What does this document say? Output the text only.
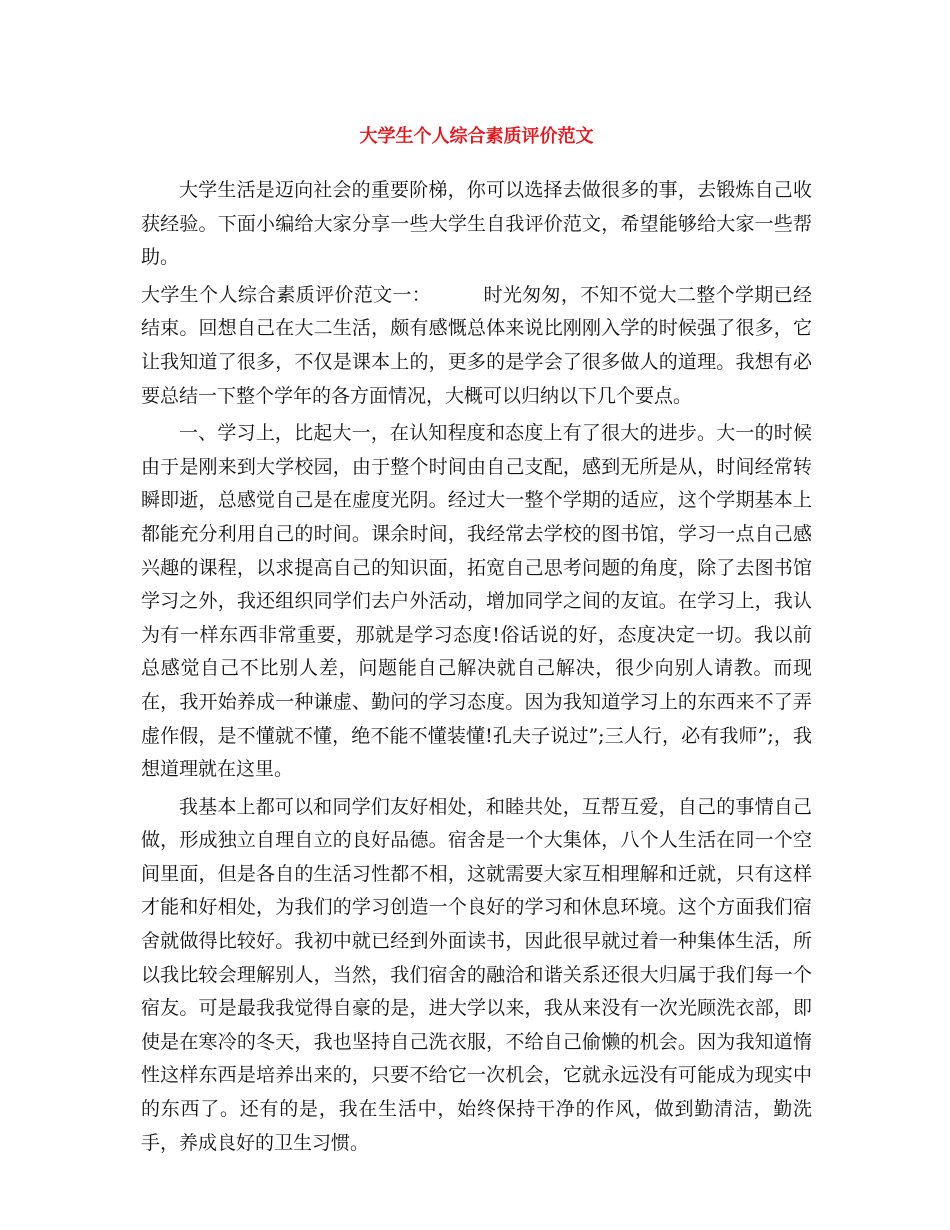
大学生个人综合素质评价范文

大学生活是迈向社会的重要阶梯，你可以选择去做很多的事，去锻炼自己收获经验。下面小编给大家分享一些大学生自我评价范文，希望能够给大家一些帮助。

大学生个人综合素质评价范文一：	时光匆匆，不知不觉大二整个学期已经结束。回想自己在大二生活，颇有感慨总体来说比刚刚入学的时候强了很多，它让我知道了很多，不仅是课本上的，更多的是学会了很多做人的道理。我想有必要总结一下整个学年的各方面情况，大概可以归纳以下几个要点。

一、学习上，比起大一，在认知程度和态度上有了很大的进步。大一的时候由于是刚来到大学校园，由于整个时间由自己支配，感到无所是从，时间经常转瞬即逝，总感觉自己是在虚度光阴。经过大一整个学期的适应，这个学期基本上都能充分利用自己的时间。课余时间，我经常去学校的图书馆，学习一点自己感兴趣的课程，以求提高自己的知识面，拓宽自己思考问题的角度，除了去图书馆学习之外，我还组织同学们去户外活动，增加同学之间的友谊。在学习上，我认为有一样东西非常重要，那就是学习态度!俗话说的好，态度决定一切。我以前总感觉自己不比别人差，问题能自己解决就自己解决，很少向别人请教。而现在，我开始养成一种谦虚、勤问的学习态度。因为我知道学习上的东西来不了弄虚作假，是不懂就不懂，绝不能不懂装懂!孔夫子说过”;三人行，必有我师”;，我想道理就在这里。

我基本上都可以和同学们友好相处，和睦共处，互帮互爱，自己的事情自己做，形成独立自理自立的良好品德。宿舍是一个大集体，八个人生活在同一个空间里面，但是各自的生活习性都不相，这就需要大家互相理解和迁就，只有这样才能和好相处，为我们的学习创造一个良好的学习和休息环境。这个方面我们宿舍就做得比较好。我初中就已经到外面读书，因此很早就过着一种集体生活，所以我比较会理解别人，当然，我们宿舍的融洽和谐关系还很大归属于我们每一个宿友。可是最我我觉得自豪的是，进大学以来，我从来没有一次光顾洗衣部，即使是在寒冷的冬天，我也坚持自己洗衣服，不给自己偷懒的机会。因为我知道惰性这样东西是培养出来的，只要不给它一次机会，它就永远没有可能成为现实中的东西了。还有的是，我在生活中，始终保持干净的作风，做到勤清洁，勤洗手，养成良好的卫生习惯。
